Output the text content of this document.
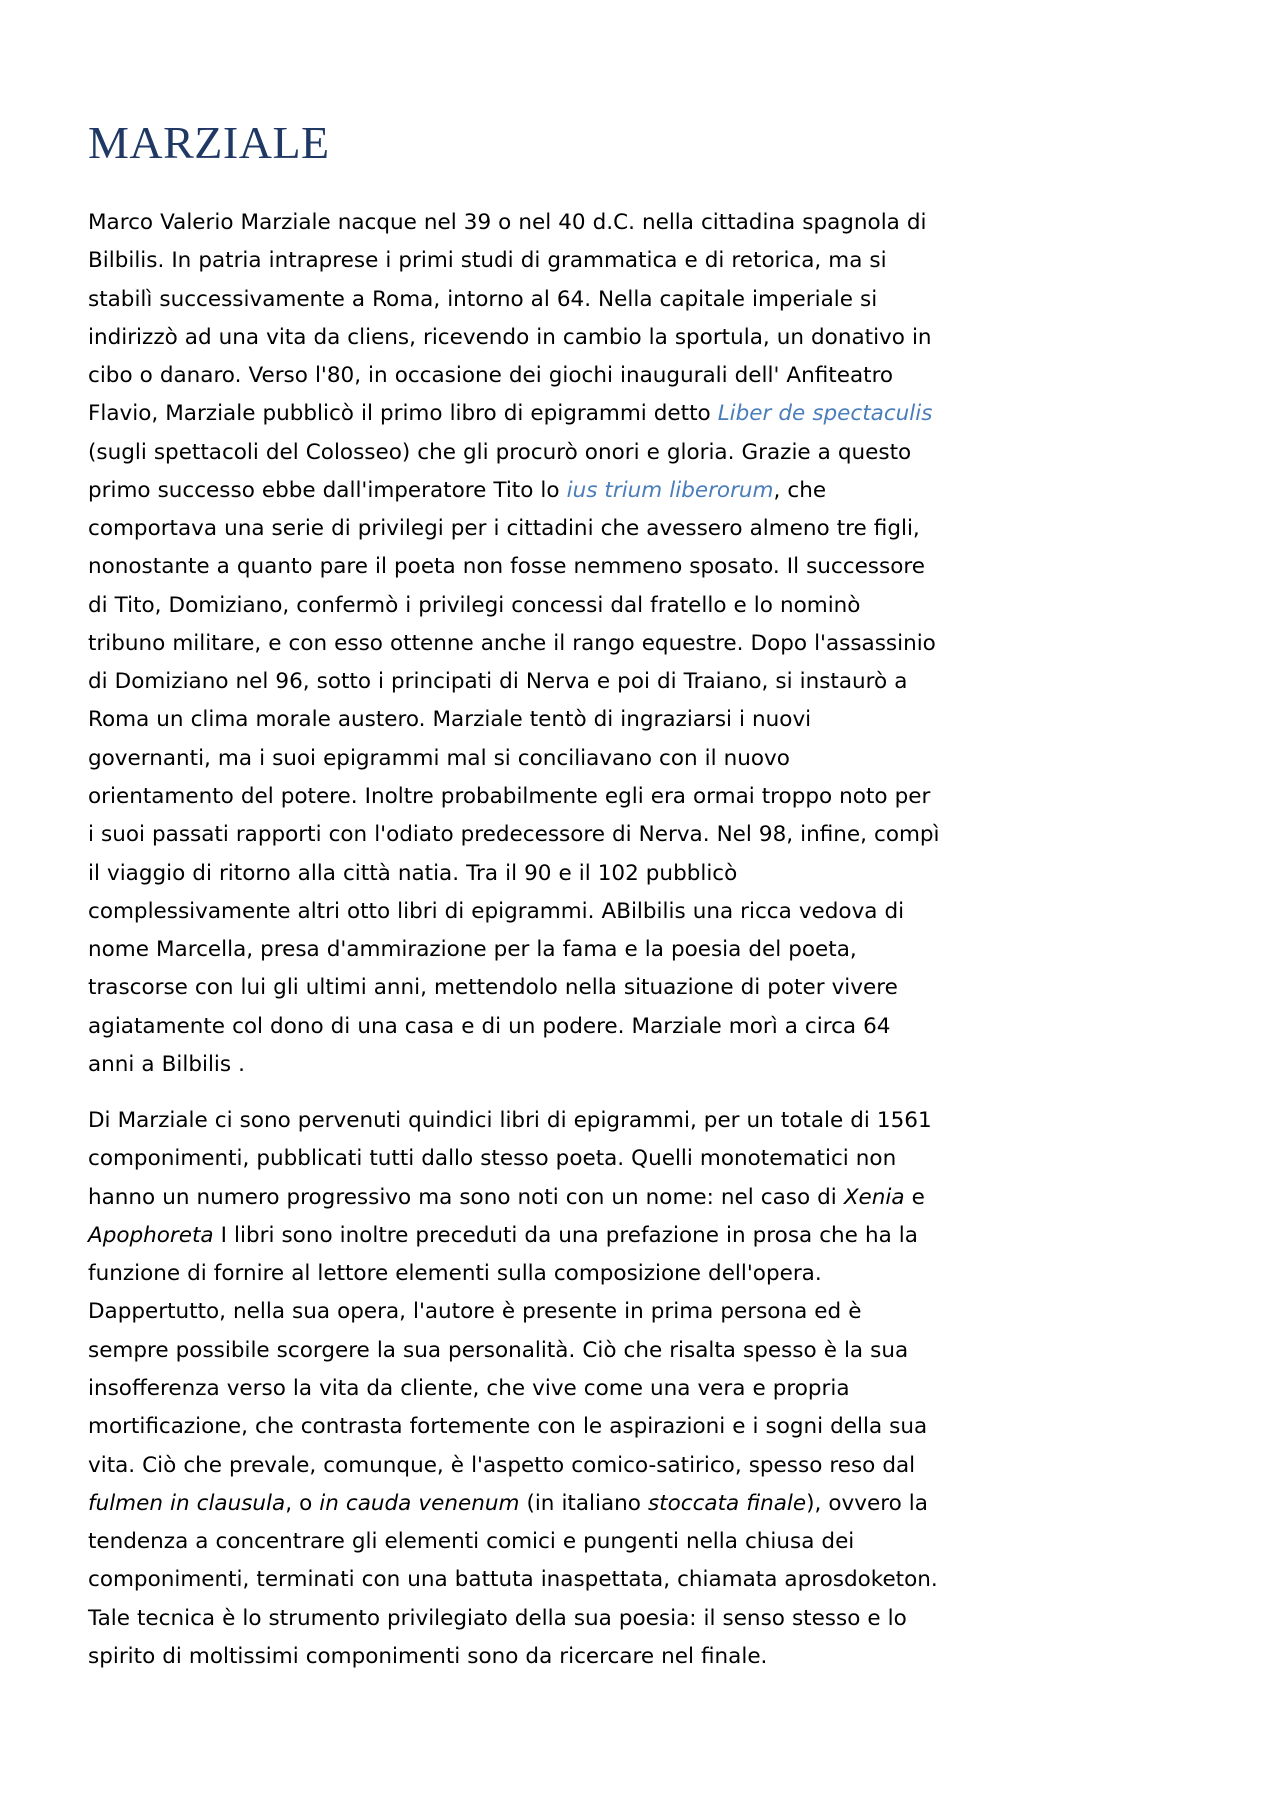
MARZIALE

Marco Valerio Marziale nacque nel 39 o nel 40 d.C. nella cittadina spagnola di Bilbilis. In patria intraprese i primi studi di grammatica e di retorica, ma si stabilì successivamente a Roma, intorno al 64. Nella capitale imperiale si indirizzò ad una vita da cliens, ricevendo in cambio la sportula, un donativo in cibo o danaro. Verso l'80, in occasione dei giochi inaugurali dell' Anfiteatro Flavio, Marziale pubblicò il primo libro di epigrammi detto Liber de spectaculis (sugli spettacoli del Colosseo) che gli procurò onori e gloria. Grazie a questo primo successo ebbe dall'imperatore Tito lo ius trium liberorum, che comportava una serie di privilegi per i cittadini che avessero almeno tre figli, nonostante a quanto pare il poeta non fosse nemmeno sposato. Il successore di Tito, Domiziano, confermò i privilegi concessi dal fratello e lo nominò tribuno militare, e con esso ottenne anche il rango equestre. Dopo l'assassinio di Domiziano nel 96, sotto i principati di Nerva e poi di Traiano, si instaurò a Roma un clima morale austero. Marziale tentò di ingraziarsi i nuovi governanti, ma i suoi epigrammi mal si conciliavano con il nuovo orientamento del potere. Inoltre probabilmente egli era ormai troppo noto per i suoi passati rapporti con l'odiato predecessore di Nerva. Nel 98, infine, compì il viaggio di ritorno alla città natia. Tra il 90 e il 102 pubblicò complessivamente altri otto libri di epigrammi. ABilbilis una ricca vedova di nome Marcella, presa d'ammirazione per la fama e la poesia del poeta, trascorse con lui gli ultimi anni, mettendolo nella situazione di poter vivere agiatamente col dono di una casa e di un podere. Marziale morì a circa 64 anni a Bilbilis .

Di Marziale ci sono pervenuti quindici libri di epigrammi, per un totale di 1561 componimenti, pubblicati tutti dallo stesso poeta. Quelli monotematici non hanno un numero progressivo ma sono noti con un nome: nel caso di Xenia e Apophoreta I libri sono inoltre preceduti da una prefazione in prosa che ha la funzione di fornire al lettore elementi sulla composizione dell'opera. Dappertutto, nella sua opera, l'autore è presente in prima persona ed è sempre possibile scorgere la sua personalità. Ciò che risalta spesso è la sua insofferenza verso la vita da cliente, che vive come una vera e propria mortificazione, che contrasta fortemente con le aspirazioni e i sogni della sua vita. Ciò che prevale, comunque, è l'aspetto comico-satirico, spesso reso dal fulmen in clausula, o in cauda venenum (in italiano stoccata finale), ovvero la tendenza a concentrare gli elementi comici e pungenti nella chiusa dei componimenti, terminati con una battuta inaspettata, chiamata aprosdoketon. Tale tecnica è lo strumento privilegiato della sua poesia: il senso stesso e lo spirito di moltissimi componimenti sono da ricercare nel finale.
